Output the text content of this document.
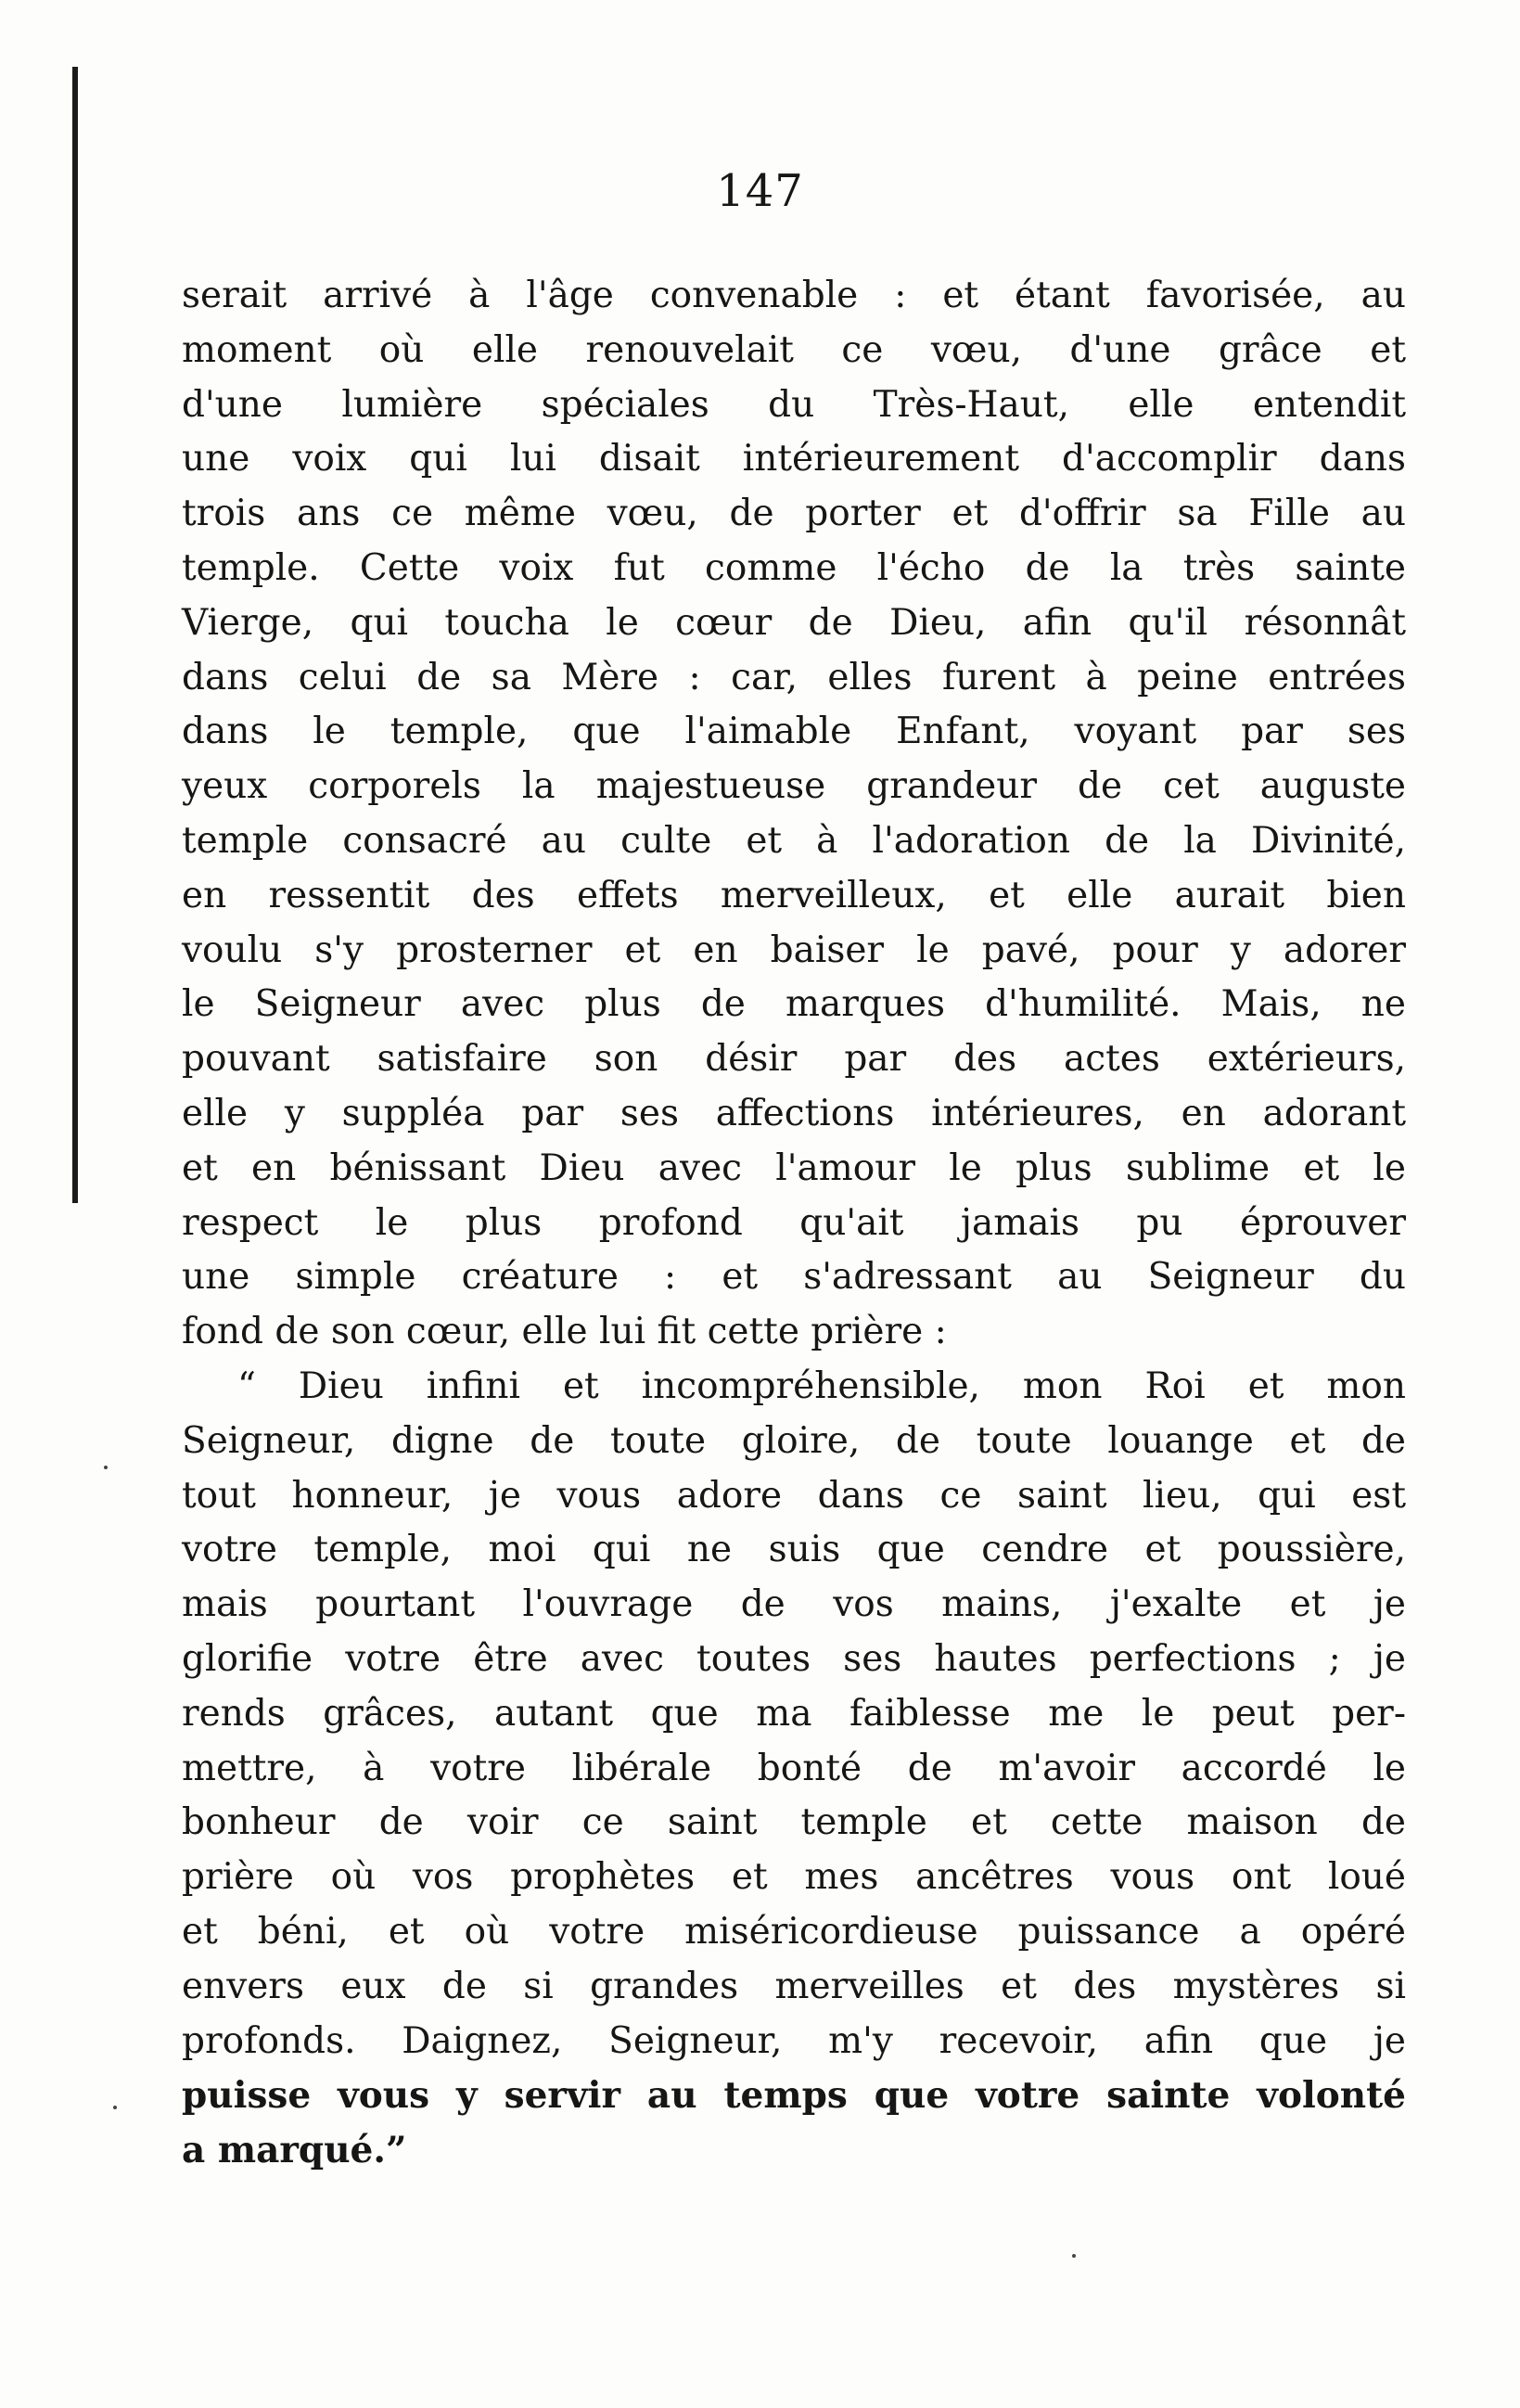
147
serait arrivé à l'âge convenable : et étant favorisée, au
moment où elle renouvelait ce vœu, d'une grâce et
d'une lumière spéciales du Très-Haut, elle entendit
une voix qui lui disait intérieurement d'accomplir dans
trois ans ce même vœu, de porter et d'offrir sa Fille au
temple. Cette voix fut comme l'écho de la très sainte
Vierge, qui toucha le cœur de Dieu, afin qu'il résonnât
dans celui de sa Mère : car, elles furent à peine entrées
dans le temple, que l'aimable Enfant, voyant par ses
yeux corporels la majestueuse grandeur de cet auguste
temple consacré au culte et à l'adoration de la Divinité,
en ressentit des effets merveilleux, et elle aurait bien
voulu s'y prosterner et en baiser le pavé, pour y adorer
le Seigneur avec plus de marques d'humilité. Mais, ne
pouvant satisfaire son désir par des actes extérieurs,
elle y suppléa par ses affections intérieures, en adorant
et en bénissant Dieu avec l'amour le plus sublime et le
respect le plus profond qu'ait jamais pu éprouver
une simple créature : et s'adressant au Seigneur du
fond de son cœur, elle lui fit cette prière :
“ Dieu infini et incompréhensible, mon Roi et mon
Seigneur, digne de toute gloire, de toute louange et de
tout honneur, je vous adore dans ce saint lieu, qui est
votre temple, moi qui ne suis que cendre et poussière,
mais pourtant l'ouvrage de vos mains, j'exalte et je
glorifie votre être avec toutes ses hautes perfections ; je
rends grâces, autant que ma faiblesse me le peut per-
mettre, à votre libérale bonté de m'avoir accordé le
bonheur de voir ce saint temple et cette maison de
prière où vos prophètes et mes ancêtres vous ont loué
et béni, et où votre miséricordieuse puissance a opéré
envers eux de si grandes merveilles et des mystères si
profonds. Daignez, Seigneur, m'y recevoir, afin que je
puisse vous y servir au temps que votre sainte volonté
a marqué.”
